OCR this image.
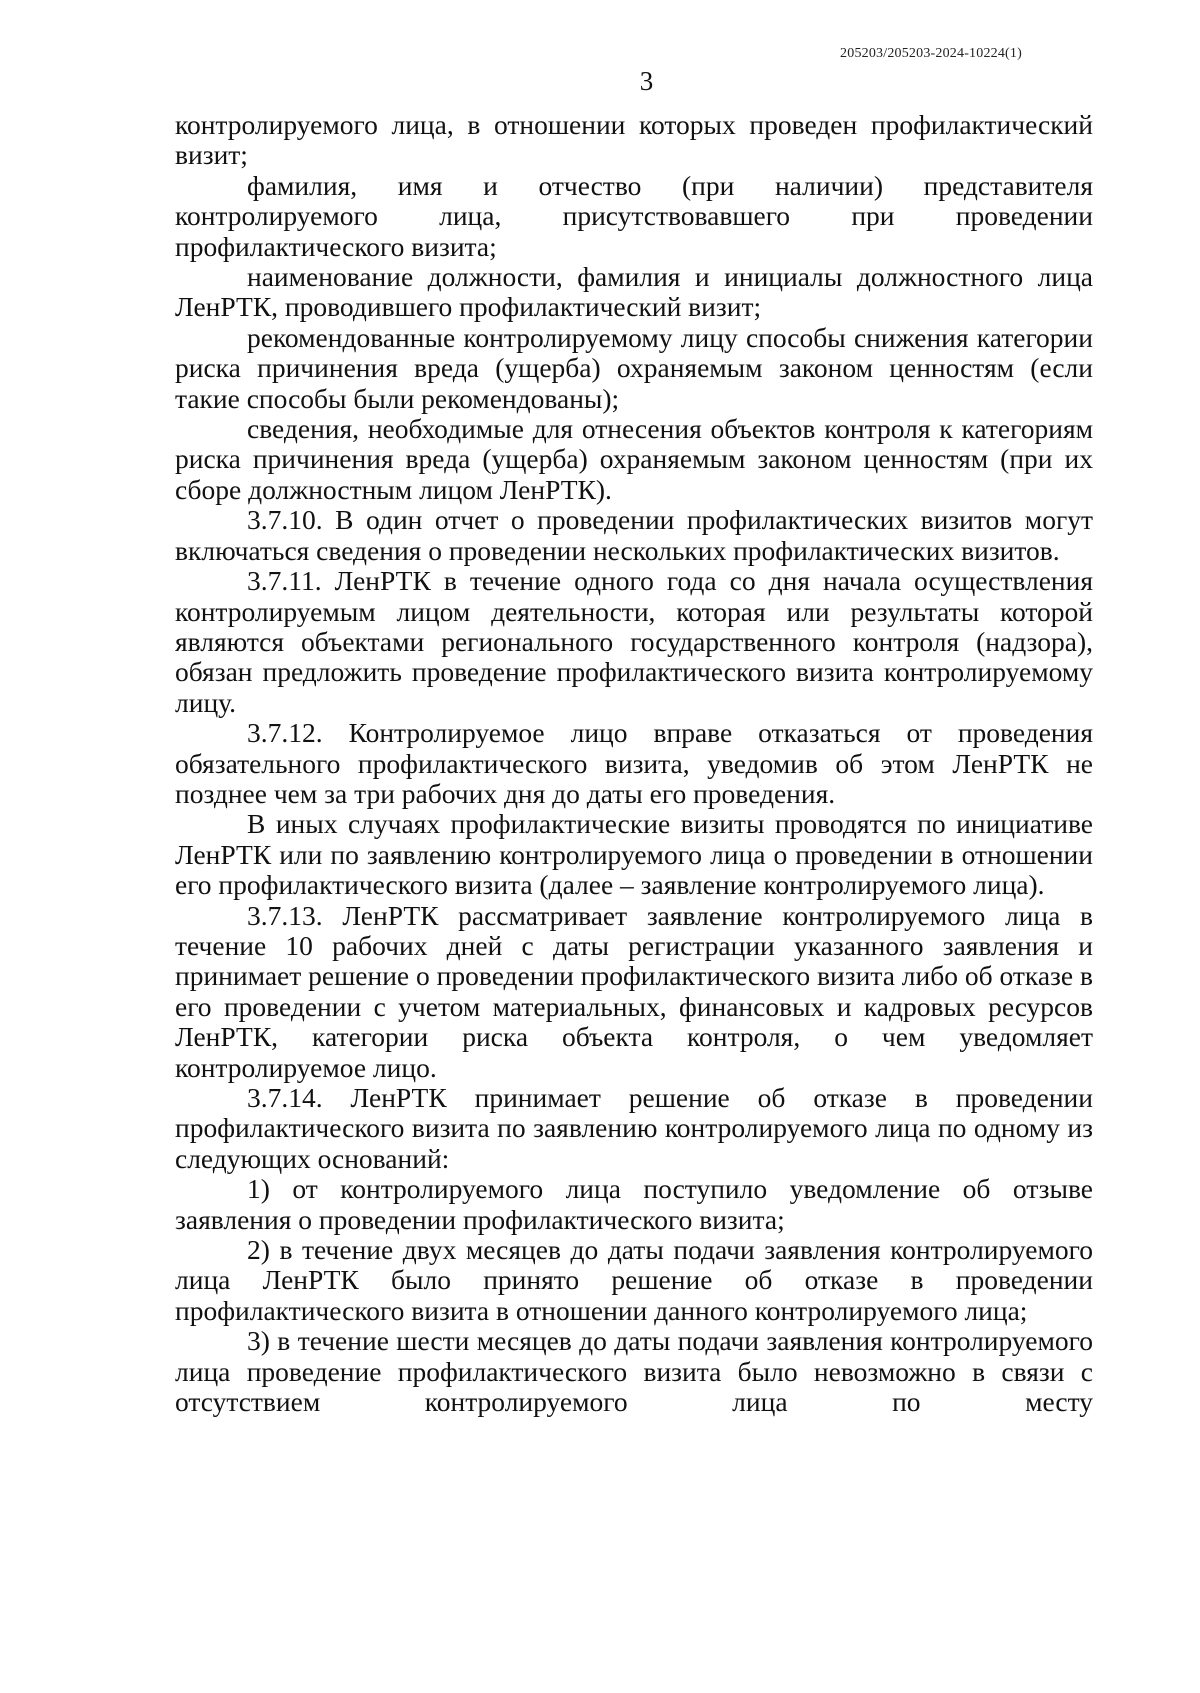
205203/205203-2024-10224(1)
3

контролируемого лица, в отношении которых проведен профилактический визит;

фамилия, имя и отчество (при наличии) представителя контролируемого лица, присутствовавшего при проведении профилактического визита;

наименование должности, фамилия и инициалы должностного лица ЛенРТК, проводившего профилактический визит;

рекомендованные контролируемому лицу способы снижения категории риска причинения вреда (ущерба) охраняемым законом ценностям (если такие способы были рекомендованы);

сведения, необходимые для отнесения объектов контроля к категориям риска причинения вреда (ущерба) охраняемым законом ценностям (при их сборе должностным лицом ЛенРТК).

3.7.10. В один отчет о проведении профилактических визитов могут включаться сведения о проведении нескольких профилактических визитов.

3.7.11. ЛенРТК в течение одного года со дня начала осуществления контролируемым лицом деятельности, которая или результаты которой являются объектами регионального государственного контроля (надзора), обязан предложить проведение профилактического визита контролируемому лицу.

3.7.12. Контролируемое лицо вправе отказаться от проведения обязательного профилактического визита, уведомив об этом ЛенРТК не позднее чем за три рабочих дня до даты его проведения.

В иных случаях профилактические визиты проводятся по инициативе ЛенРТК или по заявлению контролируемого лица о проведении в отношении его профилактического визита (далее – заявление контролируемого лица).

3.7.13. ЛенРТК рассматривает заявление контролируемого лица в течение 10 рабочих дней с даты регистрации указанного заявления и принимает решение о проведении профилактического визита либо об отказе в его проведении с учетом материальных, финансовых и кадровых ресурсов ЛенРТК, категории риска объекта контроля, о чем уведомляет контролируемое лицо.

3.7.14. ЛенРТК принимает решение об отказе в проведении профилактического визита по заявлению контролируемого лица по одному из следующих оснований:

1) от контролируемого лица поступило уведомление об отзыве заявления о проведении профилактического визита;

2) в течение двух месяцев до даты подачи заявления контролируемого лица ЛенРТК было принято решение об отказе в проведении профилактического визита в отношении данного контролируемого лица;

3) в течение шести месяцев до даты подачи заявления контролируемого лица проведение профилактического визита было невозможно в связи с отсутствием контролируемого лица по месту
